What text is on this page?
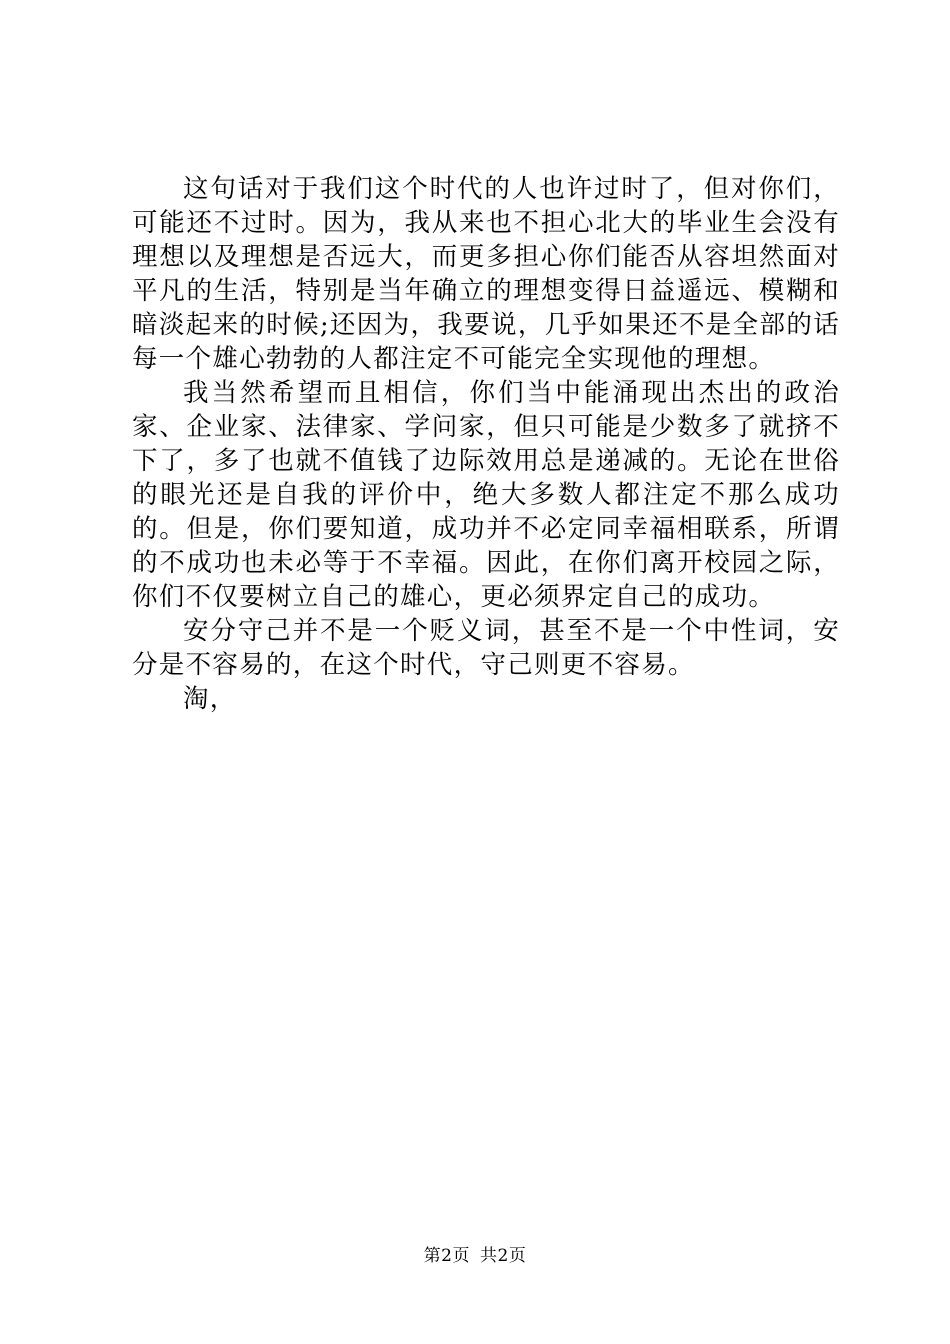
这句话对于我们这个时代的人也许过时了，但对你们，可能还不过时。因为，我从来也不担心北大的毕业生会没有理想以及理想是否远大，而更多担心你们能否从容坦然面对平凡的生活，特别是当年确立的理想变得日益遥远、模糊和暗淡起来的时候;还因为，我要说，几乎如果还不是全部的话每一个雄心勃勃的人都注定不可能完全实现他的理想。

我当然希望而且相信，你们当中能涌现出杰出的政治家、企业家、法律家、学问家，但只可能是少数多了就挤不下了，多了也就不值钱了边际效用总是递减的。无论在世俗的眼光还是自我的评价中，绝大多数人都注定不那么成功的。但是，你们要知道，成功并不必定同幸福相联系，所谓的不成功也未必等于不幸福。因此，在你们离开校园之际，你们不仅要树立自己的雄心，更必须界定自己的成功。

安分守己并不是一个贬义词，甚至不是一个中性词，安分是不容易的，在这个时代，守己则更不容易。

淘，

第2页 共2页
